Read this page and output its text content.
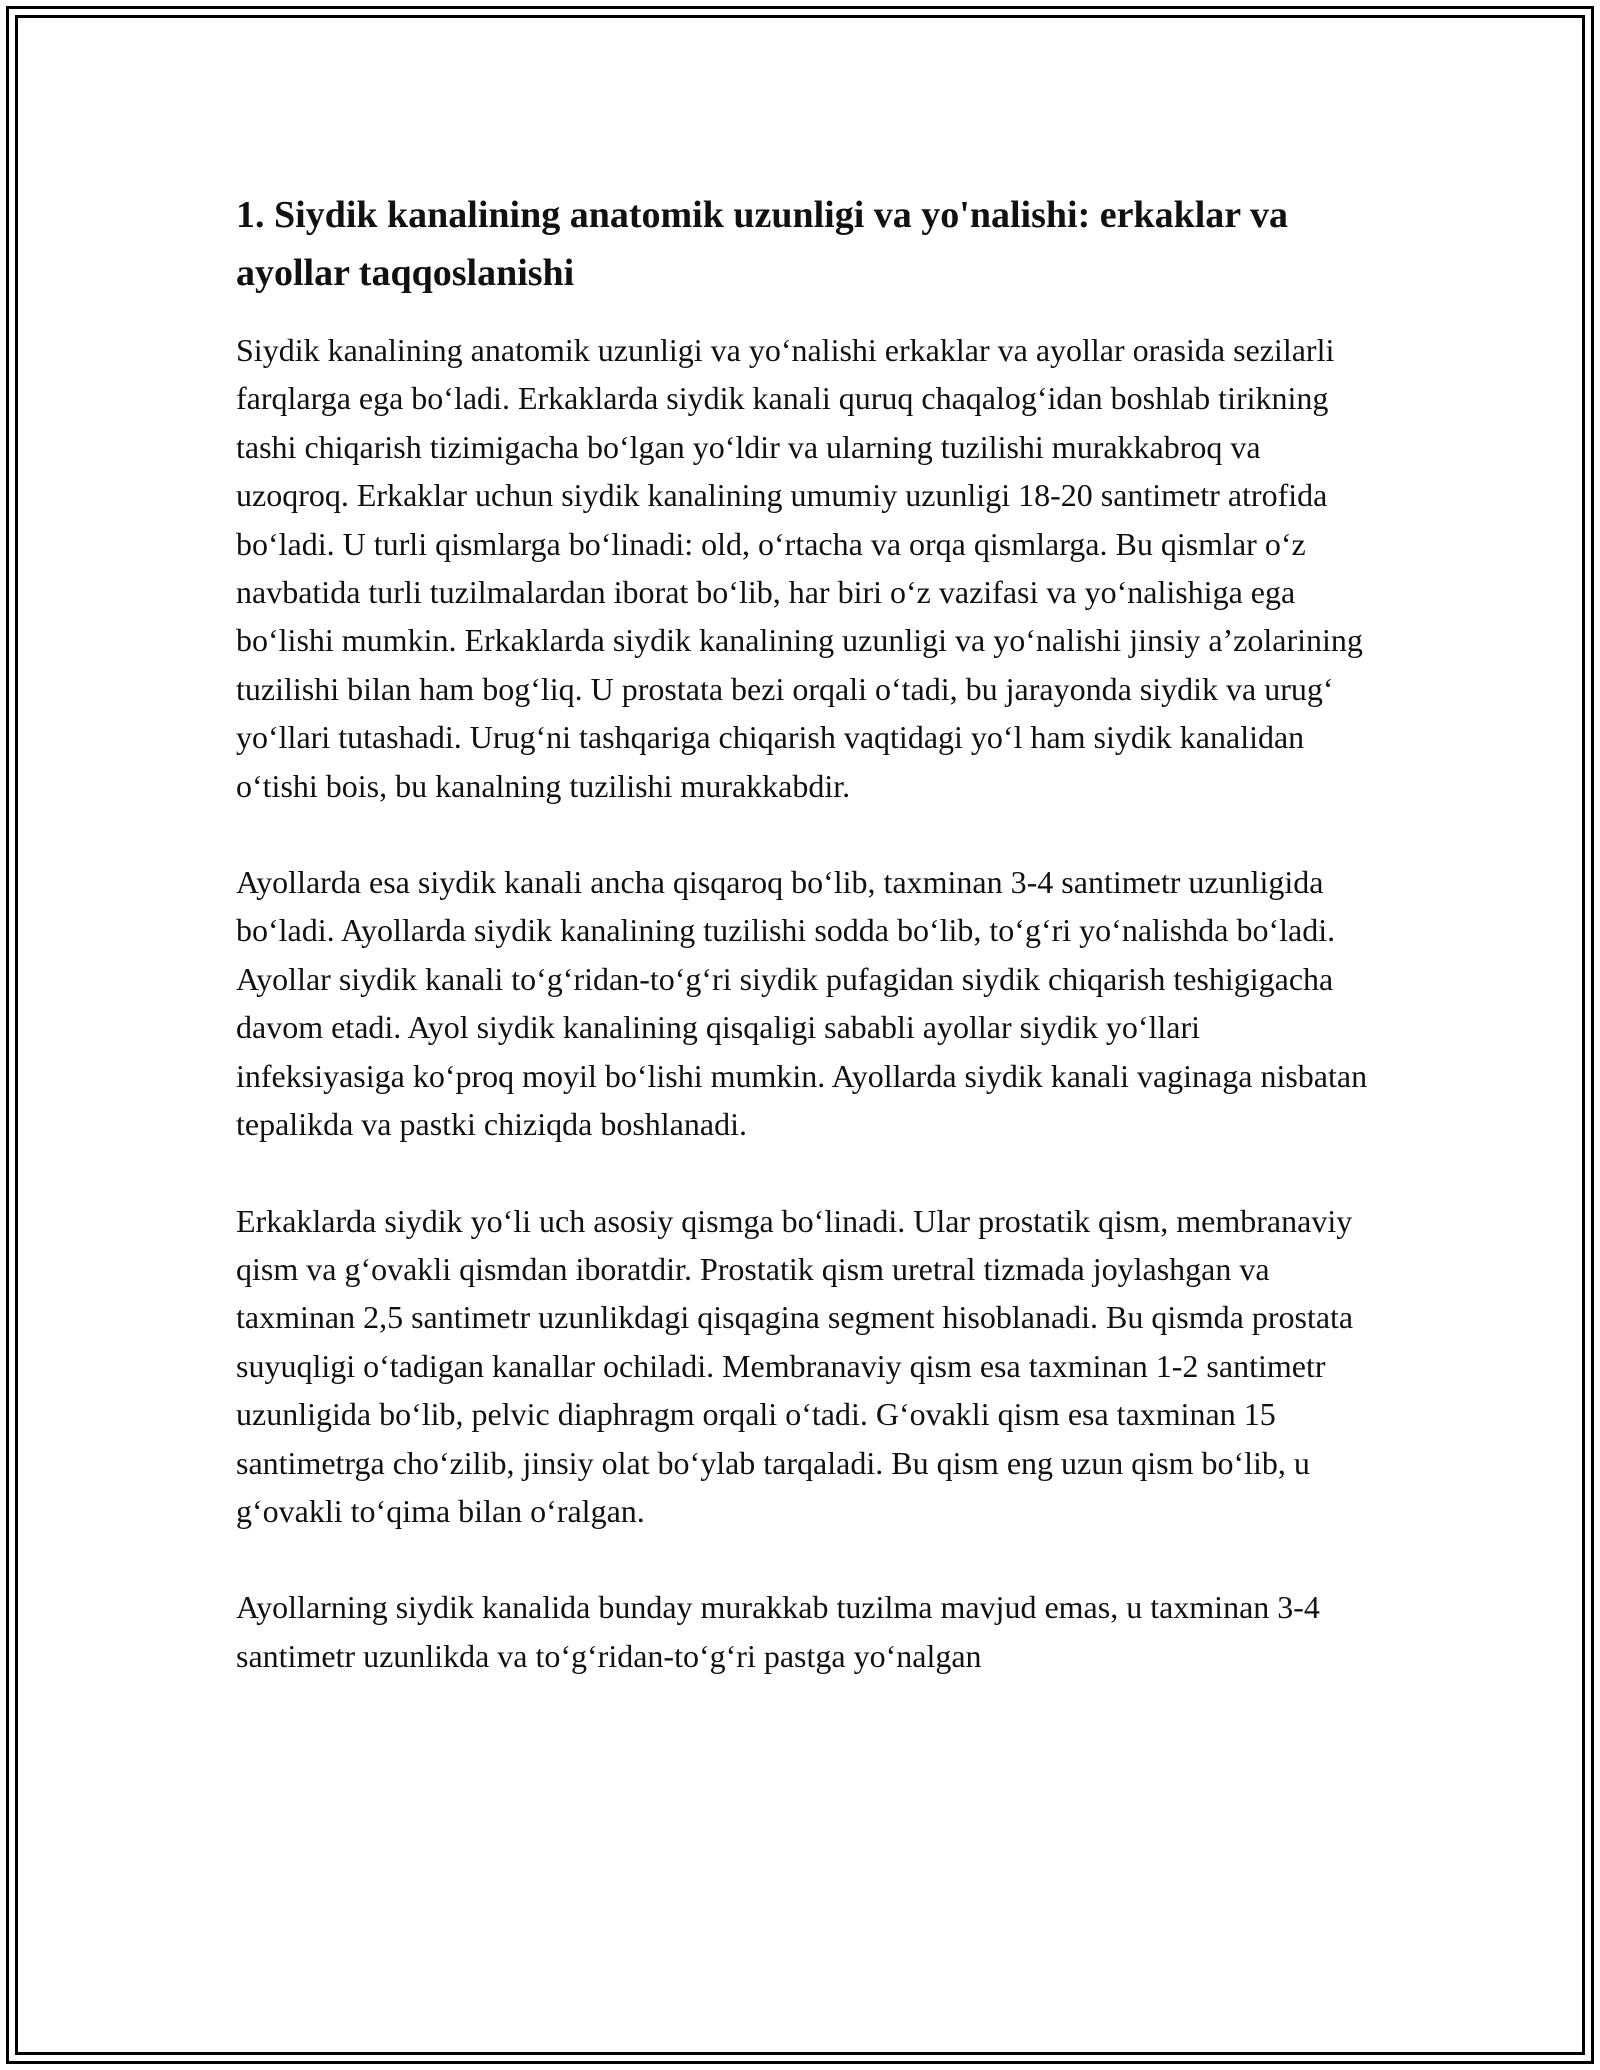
1. Siydik kanalining anatomik uzunligi va yo'nalishi: erkaklar va ayollar taqqoslanishi

Siydik kanalining anatomik uzunligi va yo‘nalishi erkaklar va ayollar orasida sezilarli farqlarga ega bo‘ladi. Erkaklarda siydik kanali quruq chaqalog‘idan boshlab tirikning tashi chiqarish tizimigacha bo‘lgan yo‘ldir va ularning tuzilishi murakkabroq va uzoqroq. Erkaklar uchun siydik kanalining umumiy uzunligi 18-20 santimetr atrofida bo‘ladi. U turli qismlarga bo‘linadi: old, o‘rtacha va orqa qismlarga. Bu qismlar o‘z navbatida turli tuzilmalardan iborat bo‘lib, har biri o‘z vazifasi va yo‘nalishiga ega bo‘lishi mumkin. Erkaklarda siydik kanalining uzunligi va yo‘nalishi jinsiy a’zolarining tuzilishi bilan ham bog‘liq. U prostata bezi orqali o‘tadi, bu jarayonda siydik va urug‘ yo‘llari tutashadi. Urug‘ni tashqariga chiqarish vaqtidagi yo‘l ham siydik kanalidan o‘tishi bois, bu kanalning tuzilishi murakkabdir.

Ayollarda esa siydik kanali ancha qisqaroq bo‘lib, taxminan 3-4 santimetr uzunligida bo‘ladi. Ayollarda siydik kanalining tuzilishi sodda bo‘lib, to‘g‘ri yo‘nalishda bo‘ladi. Ayollar siydik kanali to‘g‘ridan-to‘g‘ri siydik pufagidan siydik chiqarish teshigigacha davom etadi. Ayol siydik kanalining qisqaligi sababli ayollar siydik yo‘llari infeksiyasiga ko‘proq moyil bo‘lishi mumkin. Ayollarda siydik kanali vaginaga nisbatan tepalikda va pastki chiziqda boshlanadi.

Erkaklarda siydik yo‘li uch asosiy qismga bo‘linadi. Ular prostatik qism, membranaviy qism va g‘ovakli qismdan iboratdir. Prostatik qism uretral tizmada joylashgan va taxminan 2,5 santimetr uzunlikdagi qisqagina segment hisoblanadi. Bu qismda prostata suyuqligi o‘tadigan kanallar ochiladi. Membranaviy qism esa taxminan 1-2 santimetr uzunligida bo‘lib, pelvic diaphragm orqali o‘tadi. G‘ovakli qism esa taxminan 15 santimetrga cho‘zilib, jinsiy olat bo‘ylab tarqaladi. Bu qism eng uzun qism bo‘lib, u g‘ovakli to‘qima bilan o‘ralgan.

Ayollarning siydik kanalida bunday murakkab tuzilma mavjud emas, u taxminan 3-4 santimetr uzunlikda va to‘g‘ridan-to‘g‘ri pastga yo‘nalgan
